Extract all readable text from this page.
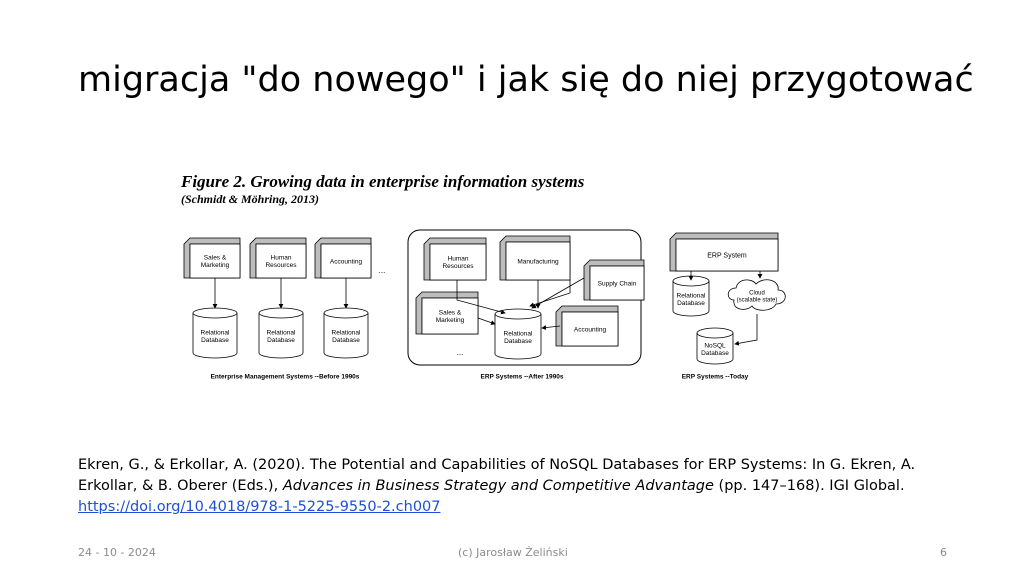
migracja "do nowego" i jak się do niej przygotować
Figure 2. Growing data in enterprise information systems
(Schmidt & Möhring, 2013)
Sales & Marketing
Relational Database
Human Resources
Relational Database
Accounting
Relational Database
...
Enterprise Management Systems --Before 1990s
Human Resources
Manufacturing
Supply Chain
Sales & Marketing
Accounting
Relational Database
...
ERP Systems --After 1990s
ERP System
Relational Database
Cloud (scalable state)
NoSQL Database
ERP Systems --Today
Ekren, G., & Erkollar, A. (2020). The Potential and Capabilities of NoSQL Databases for ERP Systems: In G. Ekren, A. Erkollar, & B. Oberer (Eds.), Advances in Business Strategy and Competitive Advantage (pp. 147–168). IGI Global.
https://doi.org/10.4018/978-1-5225-9550-2.ch007
24 - 10 - 2024	(c) Jarosław Żeliński	6
